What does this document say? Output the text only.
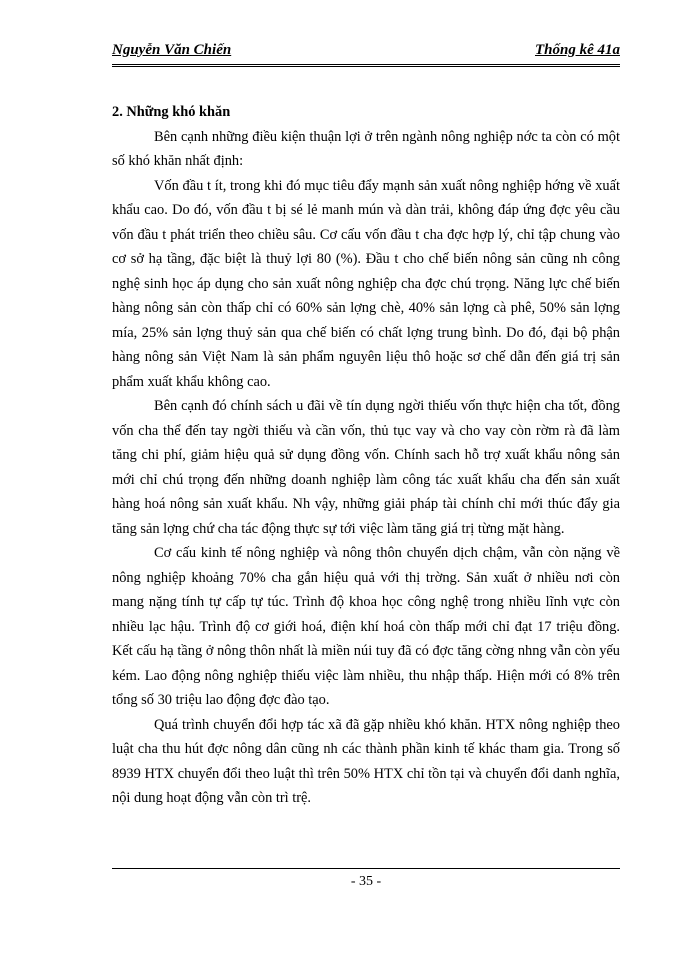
Nguyễn Văn Chiến	Thống kê 41a

2. Những khó khăn

Bên cạnh những điều kiện thuận lợi ở trên ngành nông nghiệp nớc ta còn có một số khó khăn nhất định:

Vốn đầu t ít, trong khi đó mục tiêu đẩy mạnh sản xuất nông nghiệp hớng về xuất khẩu cao. Do đó, vốn đầu t bị sé lẻ manh mún và dàn trải, không đáp ứng đợc yêu cầu vốn đầu t phát triển theo chiều sâu. Cơ cấu vốn đầu t cha đợc hợp lý, chỉ tập chung vào cơ sở hạ tầng, đặc biệt là thuỷ lợi 80 (%). Đầu t cho chế biến nông sản cũng nh công nghệ sinh học áp dụng cho sản xuất nông nghiệp cha đợc chú trọng. Năng lực chế biến hàng nông sản còn thấp chỉ có 60% sản lợng chè, 40% sản lợng cà phê, 50% sản lợng mía, 25% sản lợng thuỷ sản qua chế biến có chất lợng trung bình. Do đó, đại bộ phận hàng nông sản Việt Nam là sản phẩm nguyên liệu thô hoặc sơ chế dẫn đến giá trị sản phẩm xuất khẩu không cao.

Bên cạnh đó chính sách u đãi về tín dụng ngời thiếu vốn thực hiện cha tốt, đồng vốn cha thể đến tay ngời thiếu và cần vốn, thủ tục vay và cho vay còn rờm rà đã làm tăng chi phí, giảm hiệu quả sử dụng đồng vốn. Chính sach hỗ trợ xuất khẩu nông sản mới chỉ chú trọng đến những doanh nghiệp làm công tác xuất khẩu cha đến sản xuất hàng hoá nông sản xuất khẩu. Nh vậy, những giải pháp tài chính chỉ mới thúc đẩy gia tăng sản lợng chứ cha tác động thực sự tới việc làm tăng giá trị từng mặt hàng.

Cơ cấu kinh tế nông nghiệp và nông thôn chuyển dịch chậm, vẫn còn nặng về nông nghiệp khoảng 70% cha gắn hiệu quả với thị trờng. Sản xuất ở nhiều nơi còn mang nặng tính tự cấp tự túc. Trình độ khoa học công nghệ trong nhiều lĩnh vực còn nhiều lạc hậu. Trình độ cơ giới hoá, điện khí hoá còn thấp mới chỉ đạt 17 triệu đồng. Kết cấu hạ tầng ở nông thôn nhất là miền núi tuy đã có đợc tăng cờng nhng vẫn còn yếu kém. Lao động nông nghiệp thiếu việc làm nhiều, thu nhập thấp. Hiện mới có 8% trên tổng số 30 triệu lao động đợc đào tạo.

Quá trình chuyển đổi hợp tác xã đã gặp nhiều khó khăn. HTX nông nghiệp theo luật cha thu hút đợc nông dân cũng nh các thành phần kinh tế khác tham gia. Trong số 8939 HTX chuyển đổi theo luật thì trên 50% HTX chỉ tồn tại và chuyển đổi danh nghĩa, nội dung hoạt động vẫn còn trì trệ.

- 35 -
